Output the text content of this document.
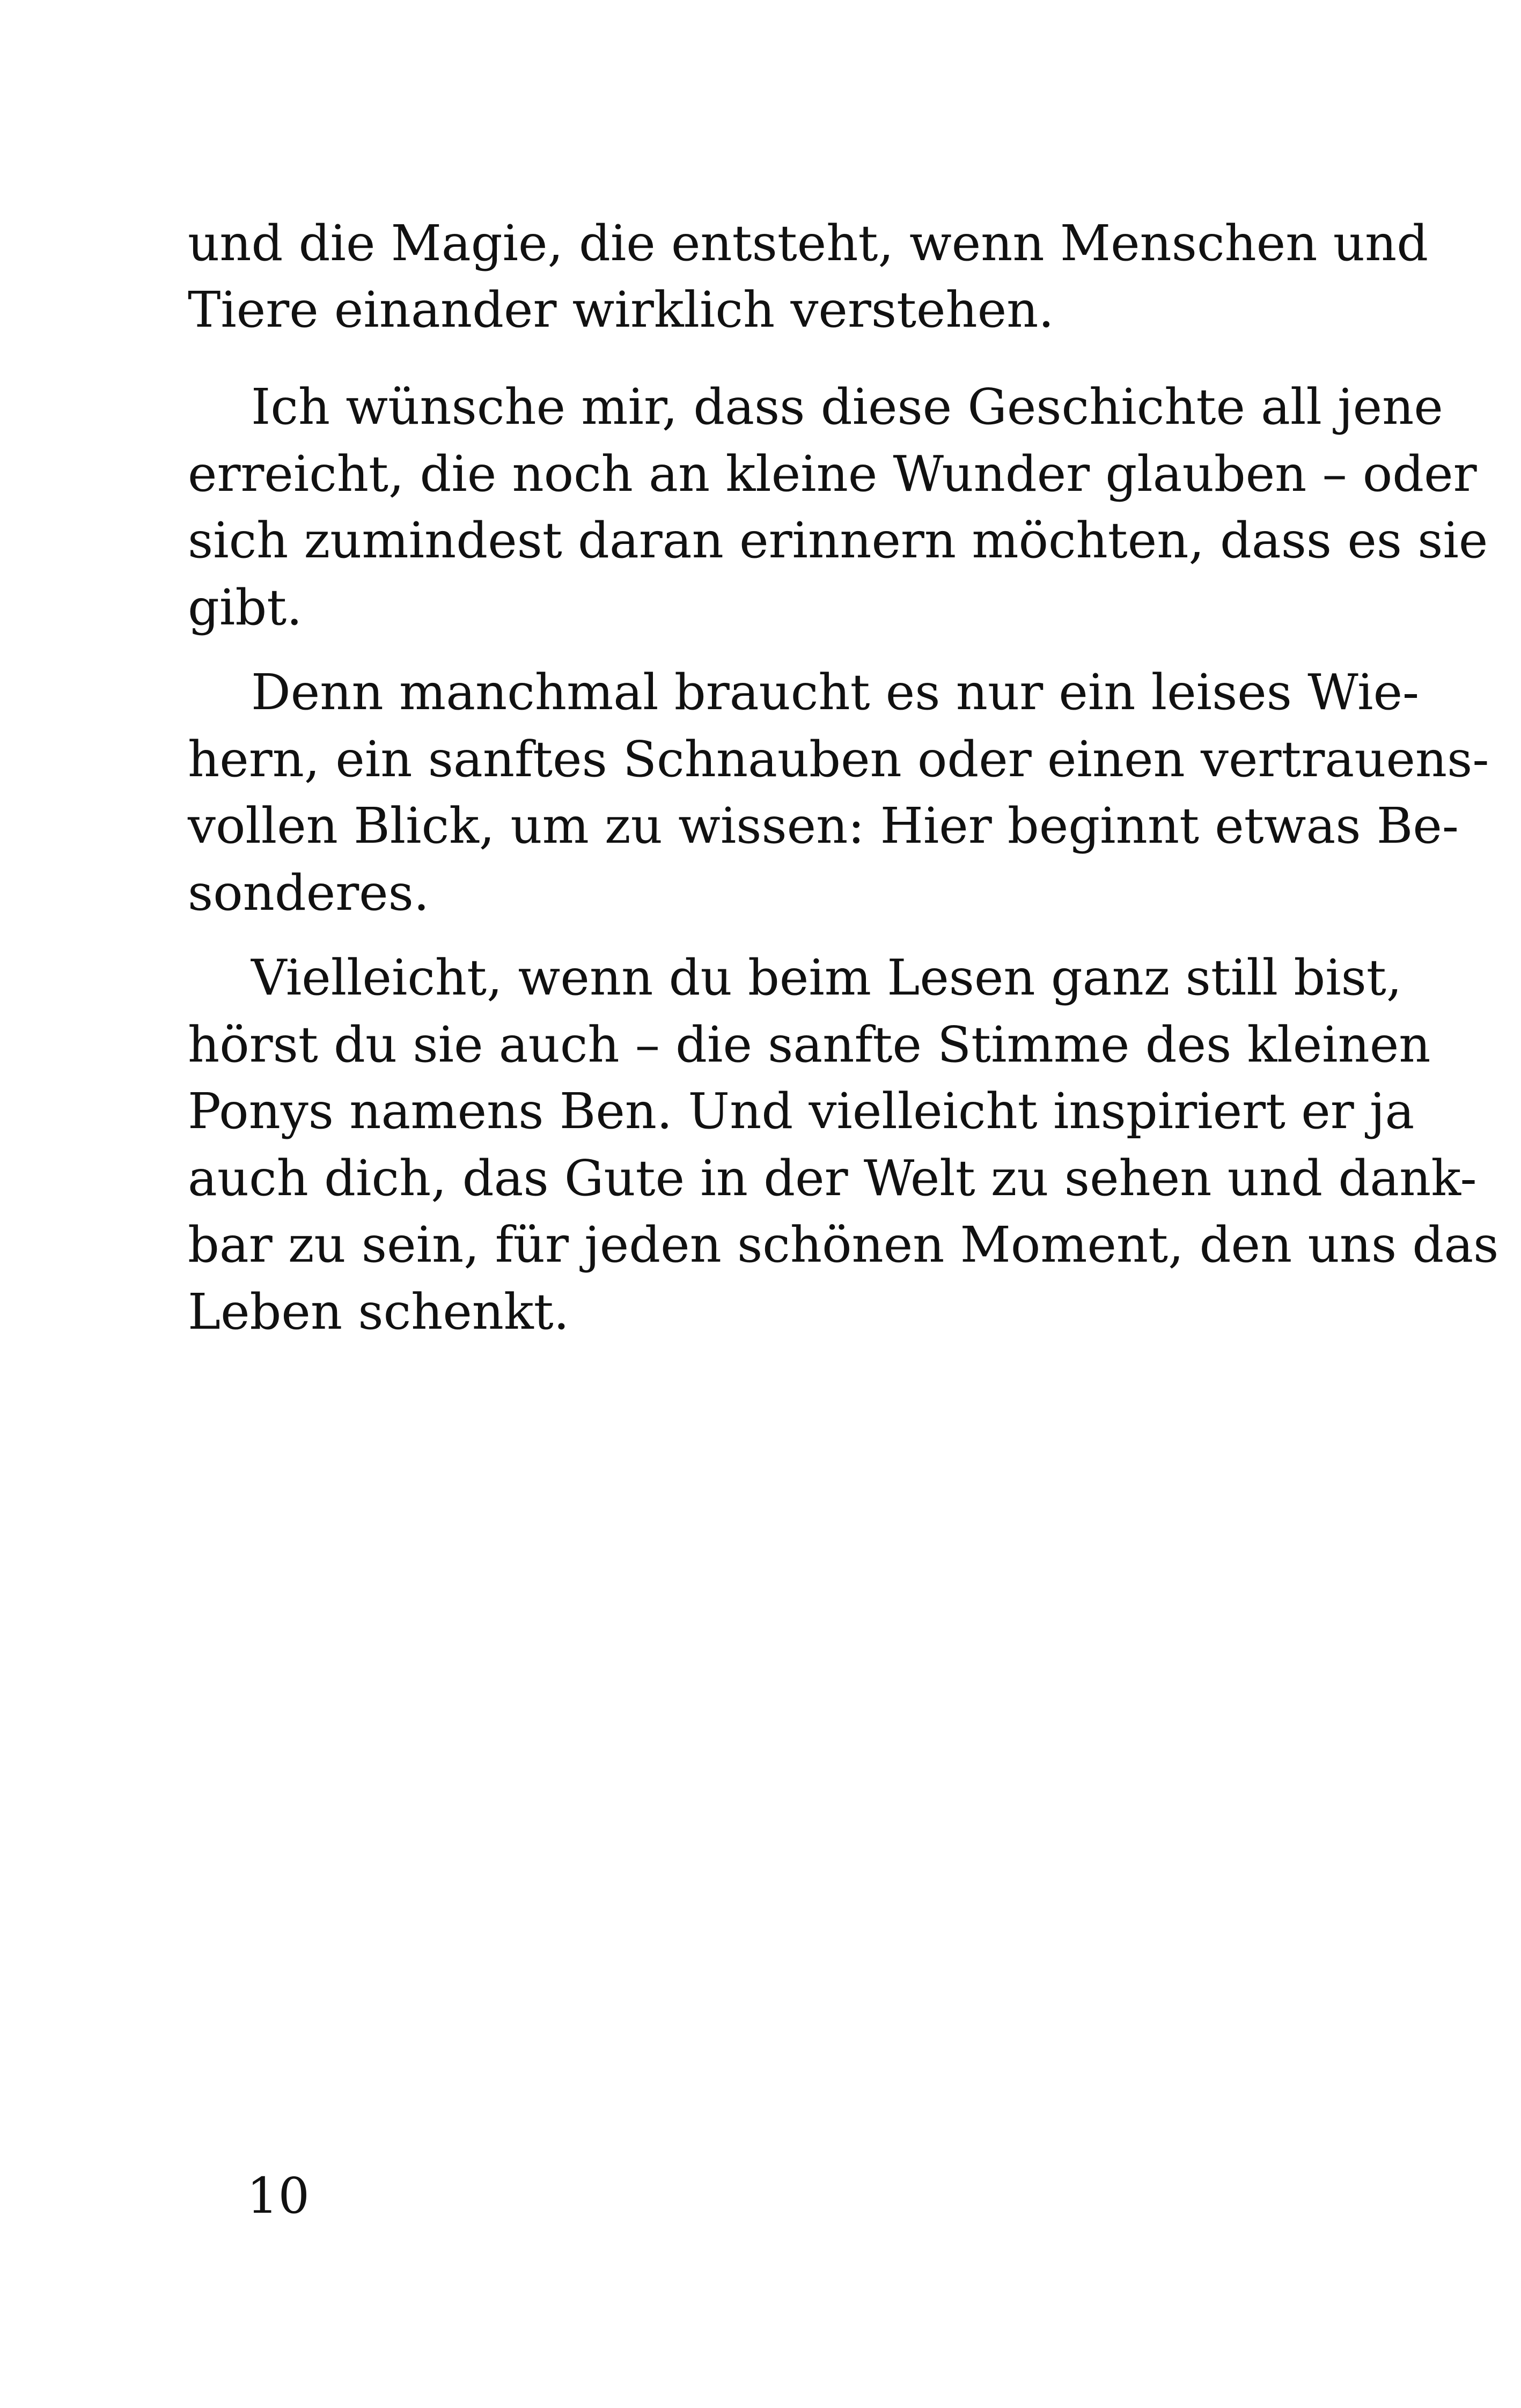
und die Magie, die entsteht, wenn Menschen und
Tiere einander wirklich verstehen.
Ich wünsche mir, dass diese Geschichte all jene
erreicht, die noch an kleine Wunder glauben – oder
sich zumindest daran erinnern möchten, dass es sie
gibt.
Denn manchmal braucht es nur ein leises Wie-
hern, ein sanftes Schnauben oder einen vertrauens-
vollen Blick, um zu wissen: Hier beginnt etwas Be-
sonderes.
Vielleicht, wenn du beim Lesen ganz still bist,
hörst du sie auch – die sanfte Stimme des kleinen
Ponys namens Ben. Und vielleicht inspiriert er ja
auch dich, das Gute in der Welt zu sehen und dank-
bar zu sein, für jeden schönen Moment, den uns das
Leben schenkt.
10
